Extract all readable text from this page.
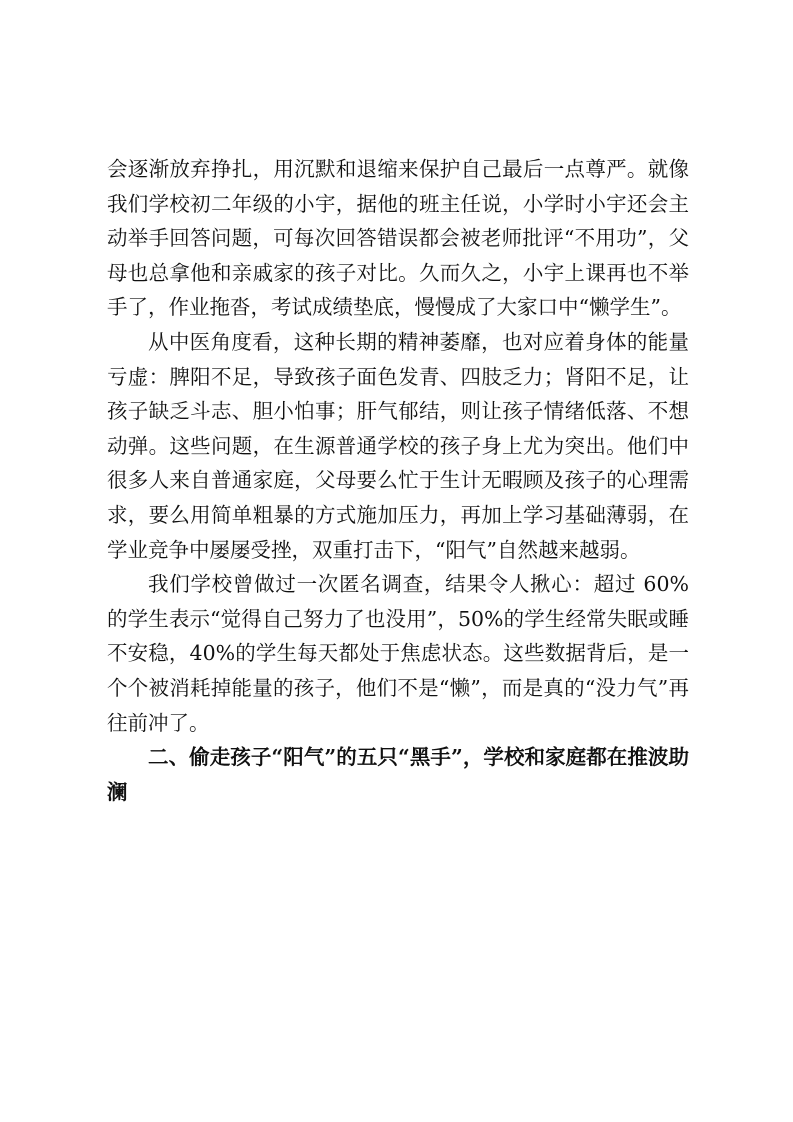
会逐渐放弃挣扎，用沉默和退缩来保护自己最后一点尊严。就像我们学校初二年级的小宇，据他的班主任说，小学时小宇还会主动举手回答问题，可每次回答错误都会被老师批评“不用功”，父母也总拿他和亲戚家的孩子对比。久而久之，小宇上课再也不举手了，作业拖沓，考试成绩垫底，慢慢成了大家口中“懒学生”。

从中医角度看，这种长期的精神萎靡，也对应着身体的能量亏虚：脾阳不足，导致孩子面色发青、四肢乏力；肾阳不足，让孩子缺乏斗志、胆小怕事；肝气郁结，则让孩子情绪低落、不想动弹。这些问题，在生源普通学校的孩子身上尤为突出。他们中很多人来自普通家庭，父母要么忙于生计无暇顾及孩子的心理需求，要么用简单粗暴的方式施加压力，再加上学习基础薄弱，在学业竞争中屡屡受挫，双重打击下，“阳气”自然越来越弱。

我们学校曾做过一次匿名调查，结果令人揪心：超过 60%的学生表示“觉得自己努力了也没用”，50%的学生经常失眠或睡不安稳，40%的学生每天都处于焦虑状态。这些数据背后，是一个个被消耗掉能量的孩子，他们不是“懒”，而是真的“没力气”再往前冲了。

二、偷走孩子“阳气”的五只“黑手”，学校和家庭都在推波助澜
